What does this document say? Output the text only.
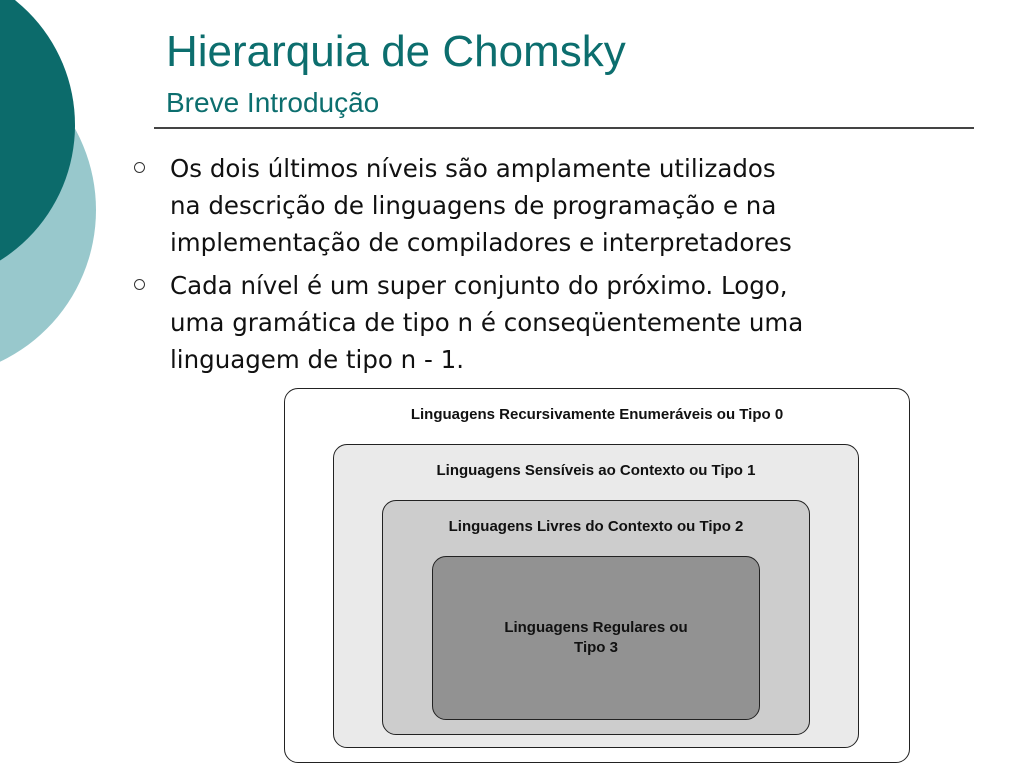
Hierarquia de Chomsky
Breve Introdução
Os dois últimos níveis são amplamente utilizados
na descrição de linguagens de programação e na
implementação de compiladores e interpretadores
Cada nível é um super conjunto do próximo. Logo,
uma gramática de tipo n é conseqüentemente uma
linguagem de tipo n - 1.
Linguagens Recursivamente Enumeráveis ou Tipo 0
Linguagens Sensíveis ao Contexto ou Tipo 1
Linguagens Livres do Contexto ou Tipo 2
Linguagens Regulares ou
Tipo 3
